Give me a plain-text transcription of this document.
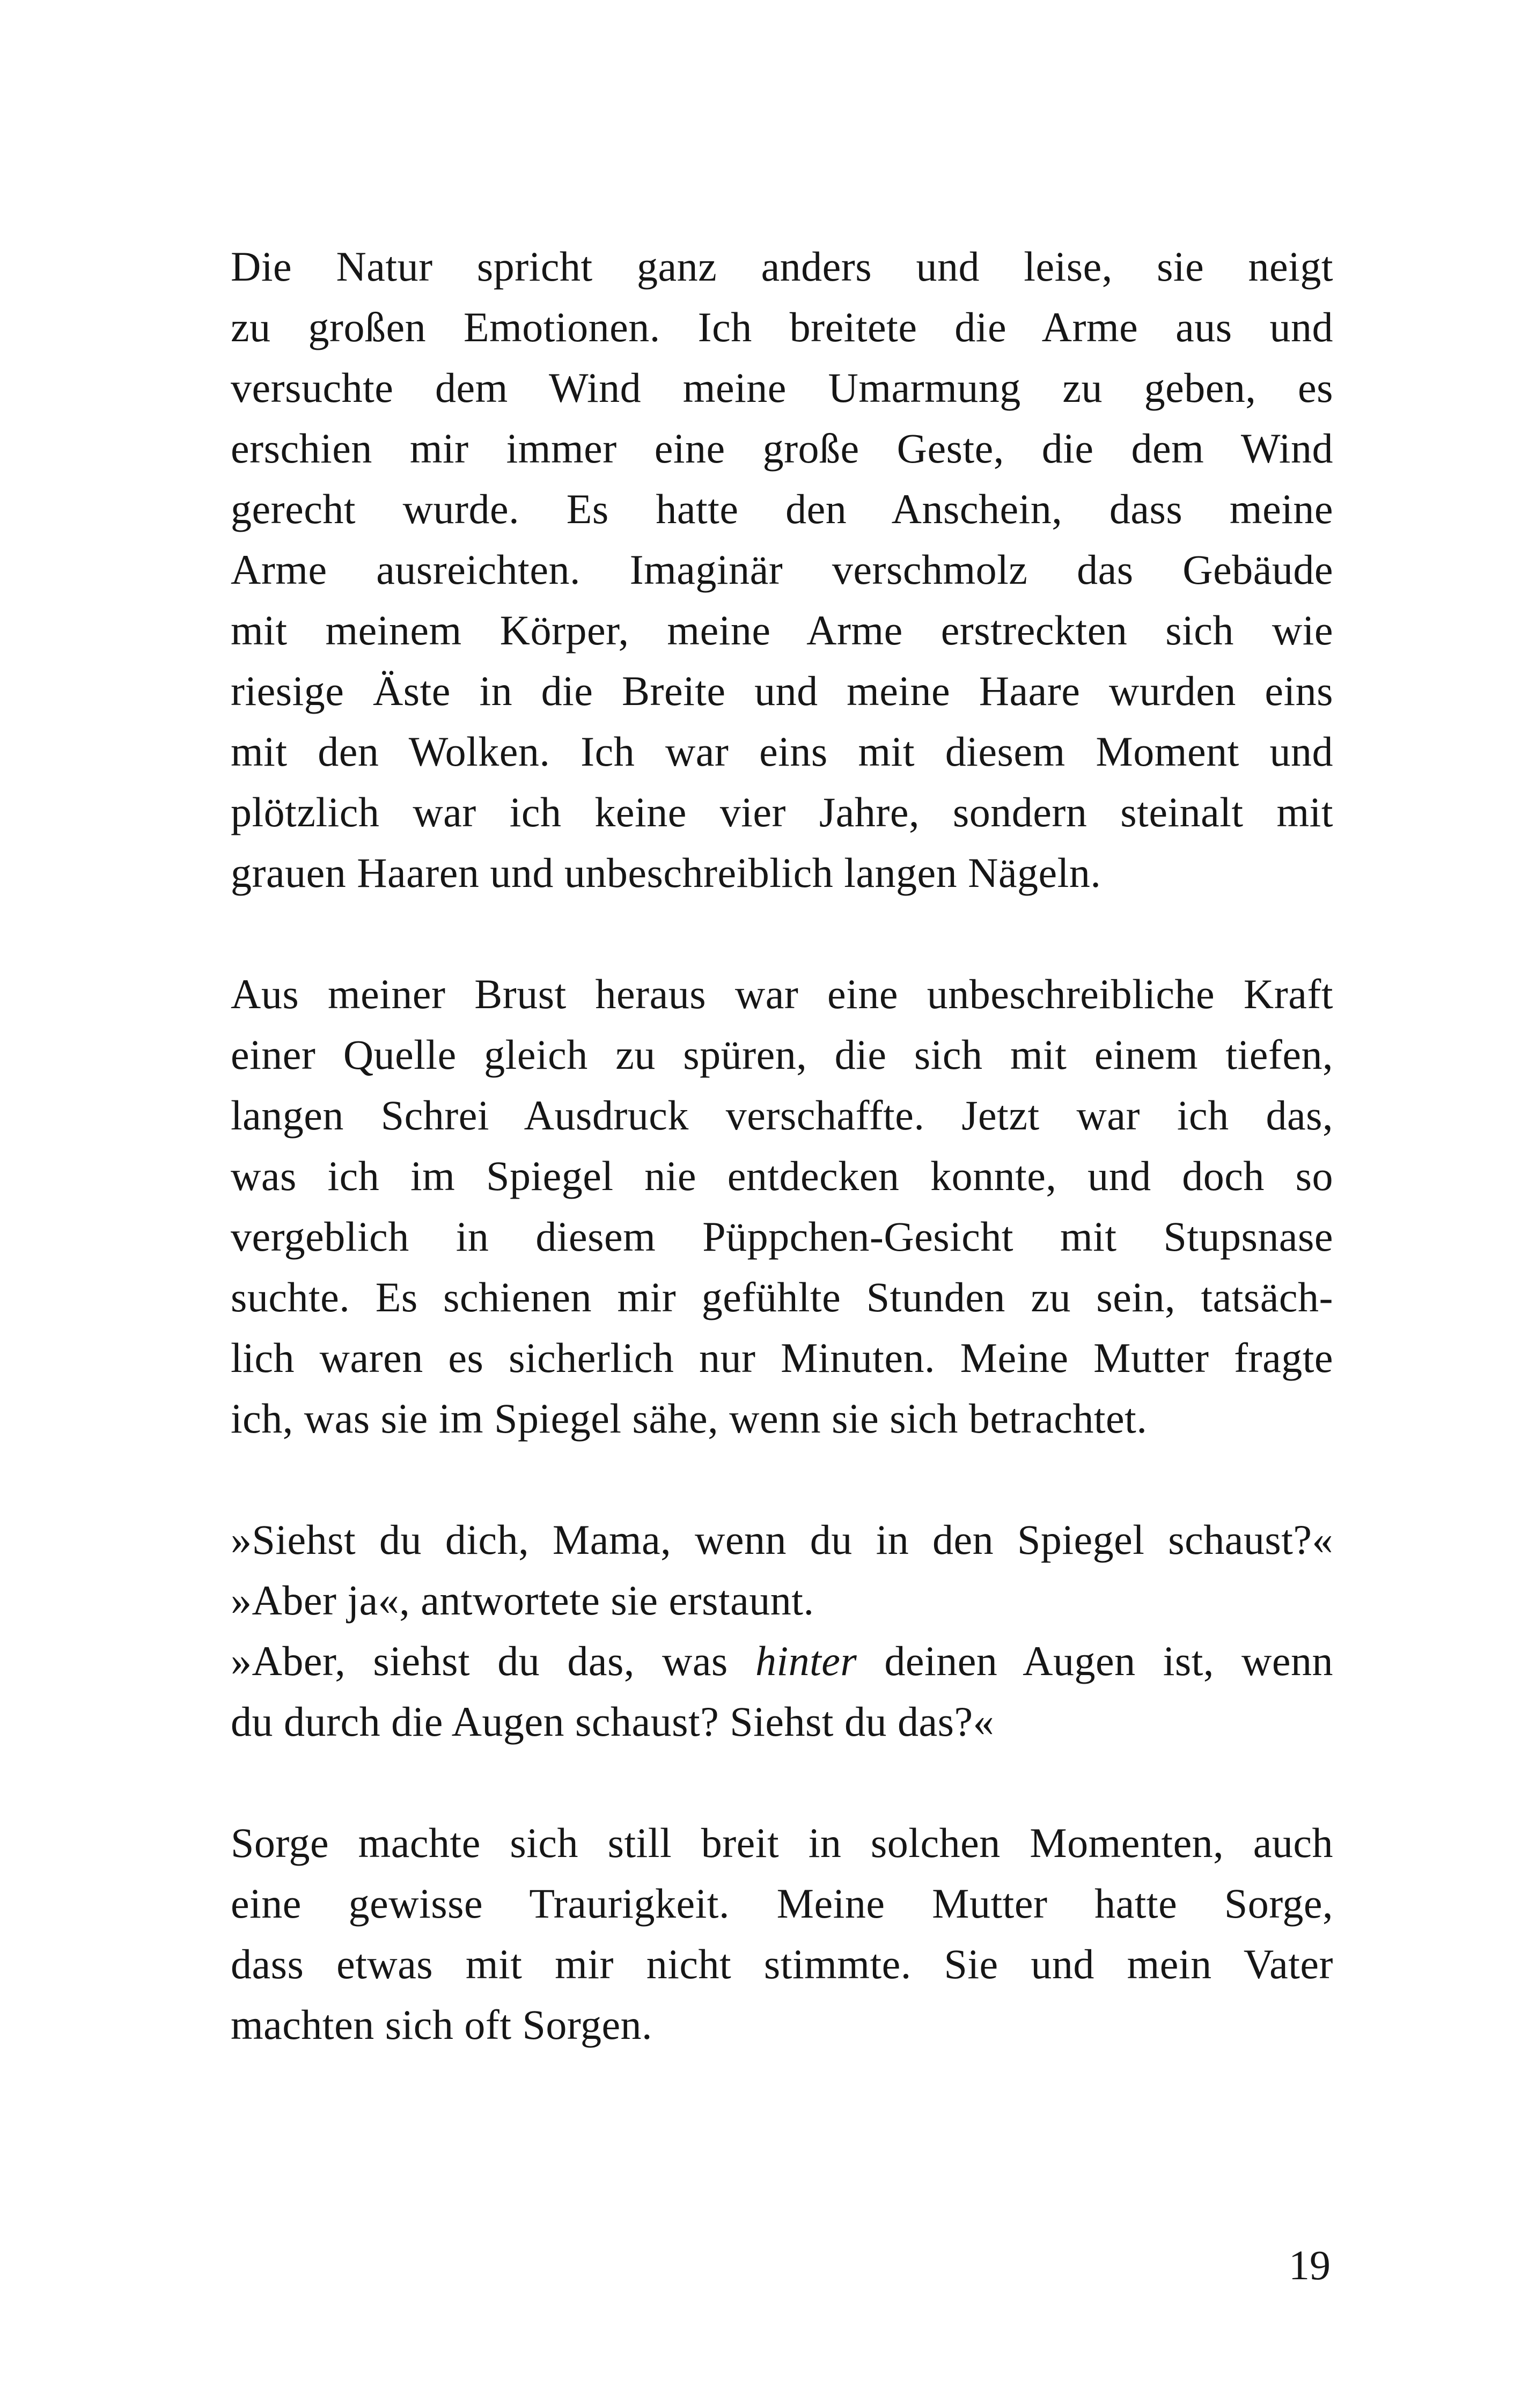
Die Natur spricht ganz anders und leise, sie neigt
zu großen Emotionen. Ich breitete die Arme aus und
versuchte dem Wind meine Umarmung zu geben, es
erschien mir immer eine große Geste, die dem Wind
gerecht wurde. Es hatte den Anschein, dass meine
Arme ausreichten. Imaginär verschmolz das Gebäude
mit meinem Körper, meine Arme erstreckten sich wie
riesige Äste in die Breite und meine Haare wurden eins
mit den Wolken. Ich war eins mit diesem Moment und
plötzlich war ich keine vier Jahre, sondern steinalt mit
grauen Haaren und unbeschreiblich langen Nägeln.
Aus meiner Brust heraus war eine unbeschreibliche Kraft
einer Quelle gleich zu spüren, die sich mit einem tiefen,
langen Schrei Ausdruck verschaffte. Jetzt war ich das,
was ich im Spiegel nie entdecken konnte, und doch so
vergeblich in diesem Püppchen-Gesicht mit Stupsnase
suchte. Es schienen mir gefühlte Stunden zu sein, tatsäch-
lich waren es sicherlich nur Minuten. Meine Mutter fragte
ich, was sie im Spiegel sähe, wenn sie sich betrachtet.
»Siehst du dich, Mama, wenn du in den Spiegel schaust?«
»Aber ja«, antwortete sie erstaunt.
»Aber, siehst du das, was hinter deinen Augen ist, wenn
du durch die Augen schaust? Siehst du das?«
Sorge machte sich still breit in solchen Momenten, auch
eine gewisse Traurigkeit. Meine Mutter hatte Sorge,
dass etwas mit mir nicht stimmte. Sie und mein Vater
machten sich oft Sorgen.
19
